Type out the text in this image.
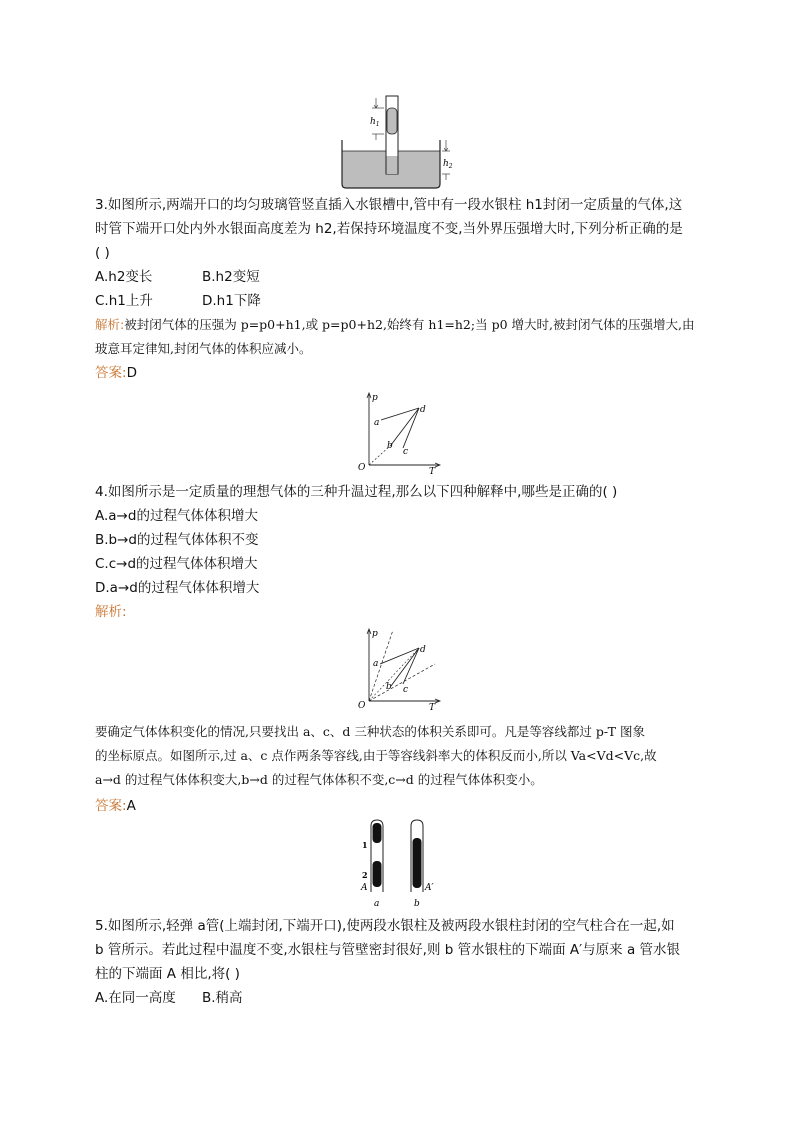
$h_1$
$h_2$
3.如图所示,两端开口的均匀玻璃管竖直插入水银槽中,管中有一段水银柱 h1封闭一定质量的气体,这
时管下端开口处内外水银面高度差为 h2,若保持环境温度不变,当外界压强增大时,下列分析正确的是
( )
A.h2变长	B.h2变短
C.h1上升	D.h1下降
解析:被封闭气体的压强为 p=p0+h1,或 p=p0+h2,始终有 h1=h2;当 p0 增大时,被封闭气体的压强增大,由
玻意耳定律知,封闭气体的体积应减小。
答案:D
p
T
O
a
b
c
d
4.如图所示是一定质量的理想气体的三种升温过程,那么以下四种解释中,哪些是正确的( )
A.a→d的过程气体体积增大
B.b→d的过程气体体积不变
C.c→d的过程气体体积增大
D.a→d的过程气体体积增大
解析:
p
T
O
a
b c
d
要确定气体体积变化的情况,只要找出 a、c、d 三种状态的体积关系即可。凡是等容线都过 p-T 图象
的坐标原点。如图所示,过 a、c 点作两条等容线,由于等容线斜率大的体积反而小,所以 Va<Vd<Vc,故
a→d 的过程气体体积变大,b→d 的过程气体体积不变,c→d 的过程气体体积变小。
答案:A
1
2
A
a
A′
b
5.如图所示,轻弹 a管(上端封闭,下端开口),使两段水银柱及被两段水银柱封闭的空气柱合在一起,如
b 管所示。若此过程中温度不变,水银柱与管壁密封很好,则 b 管水银柱的下端面 A′与原来 a 管水银
柱的下端面 A 相比,将( )
A.在同一高度 B.稍高
